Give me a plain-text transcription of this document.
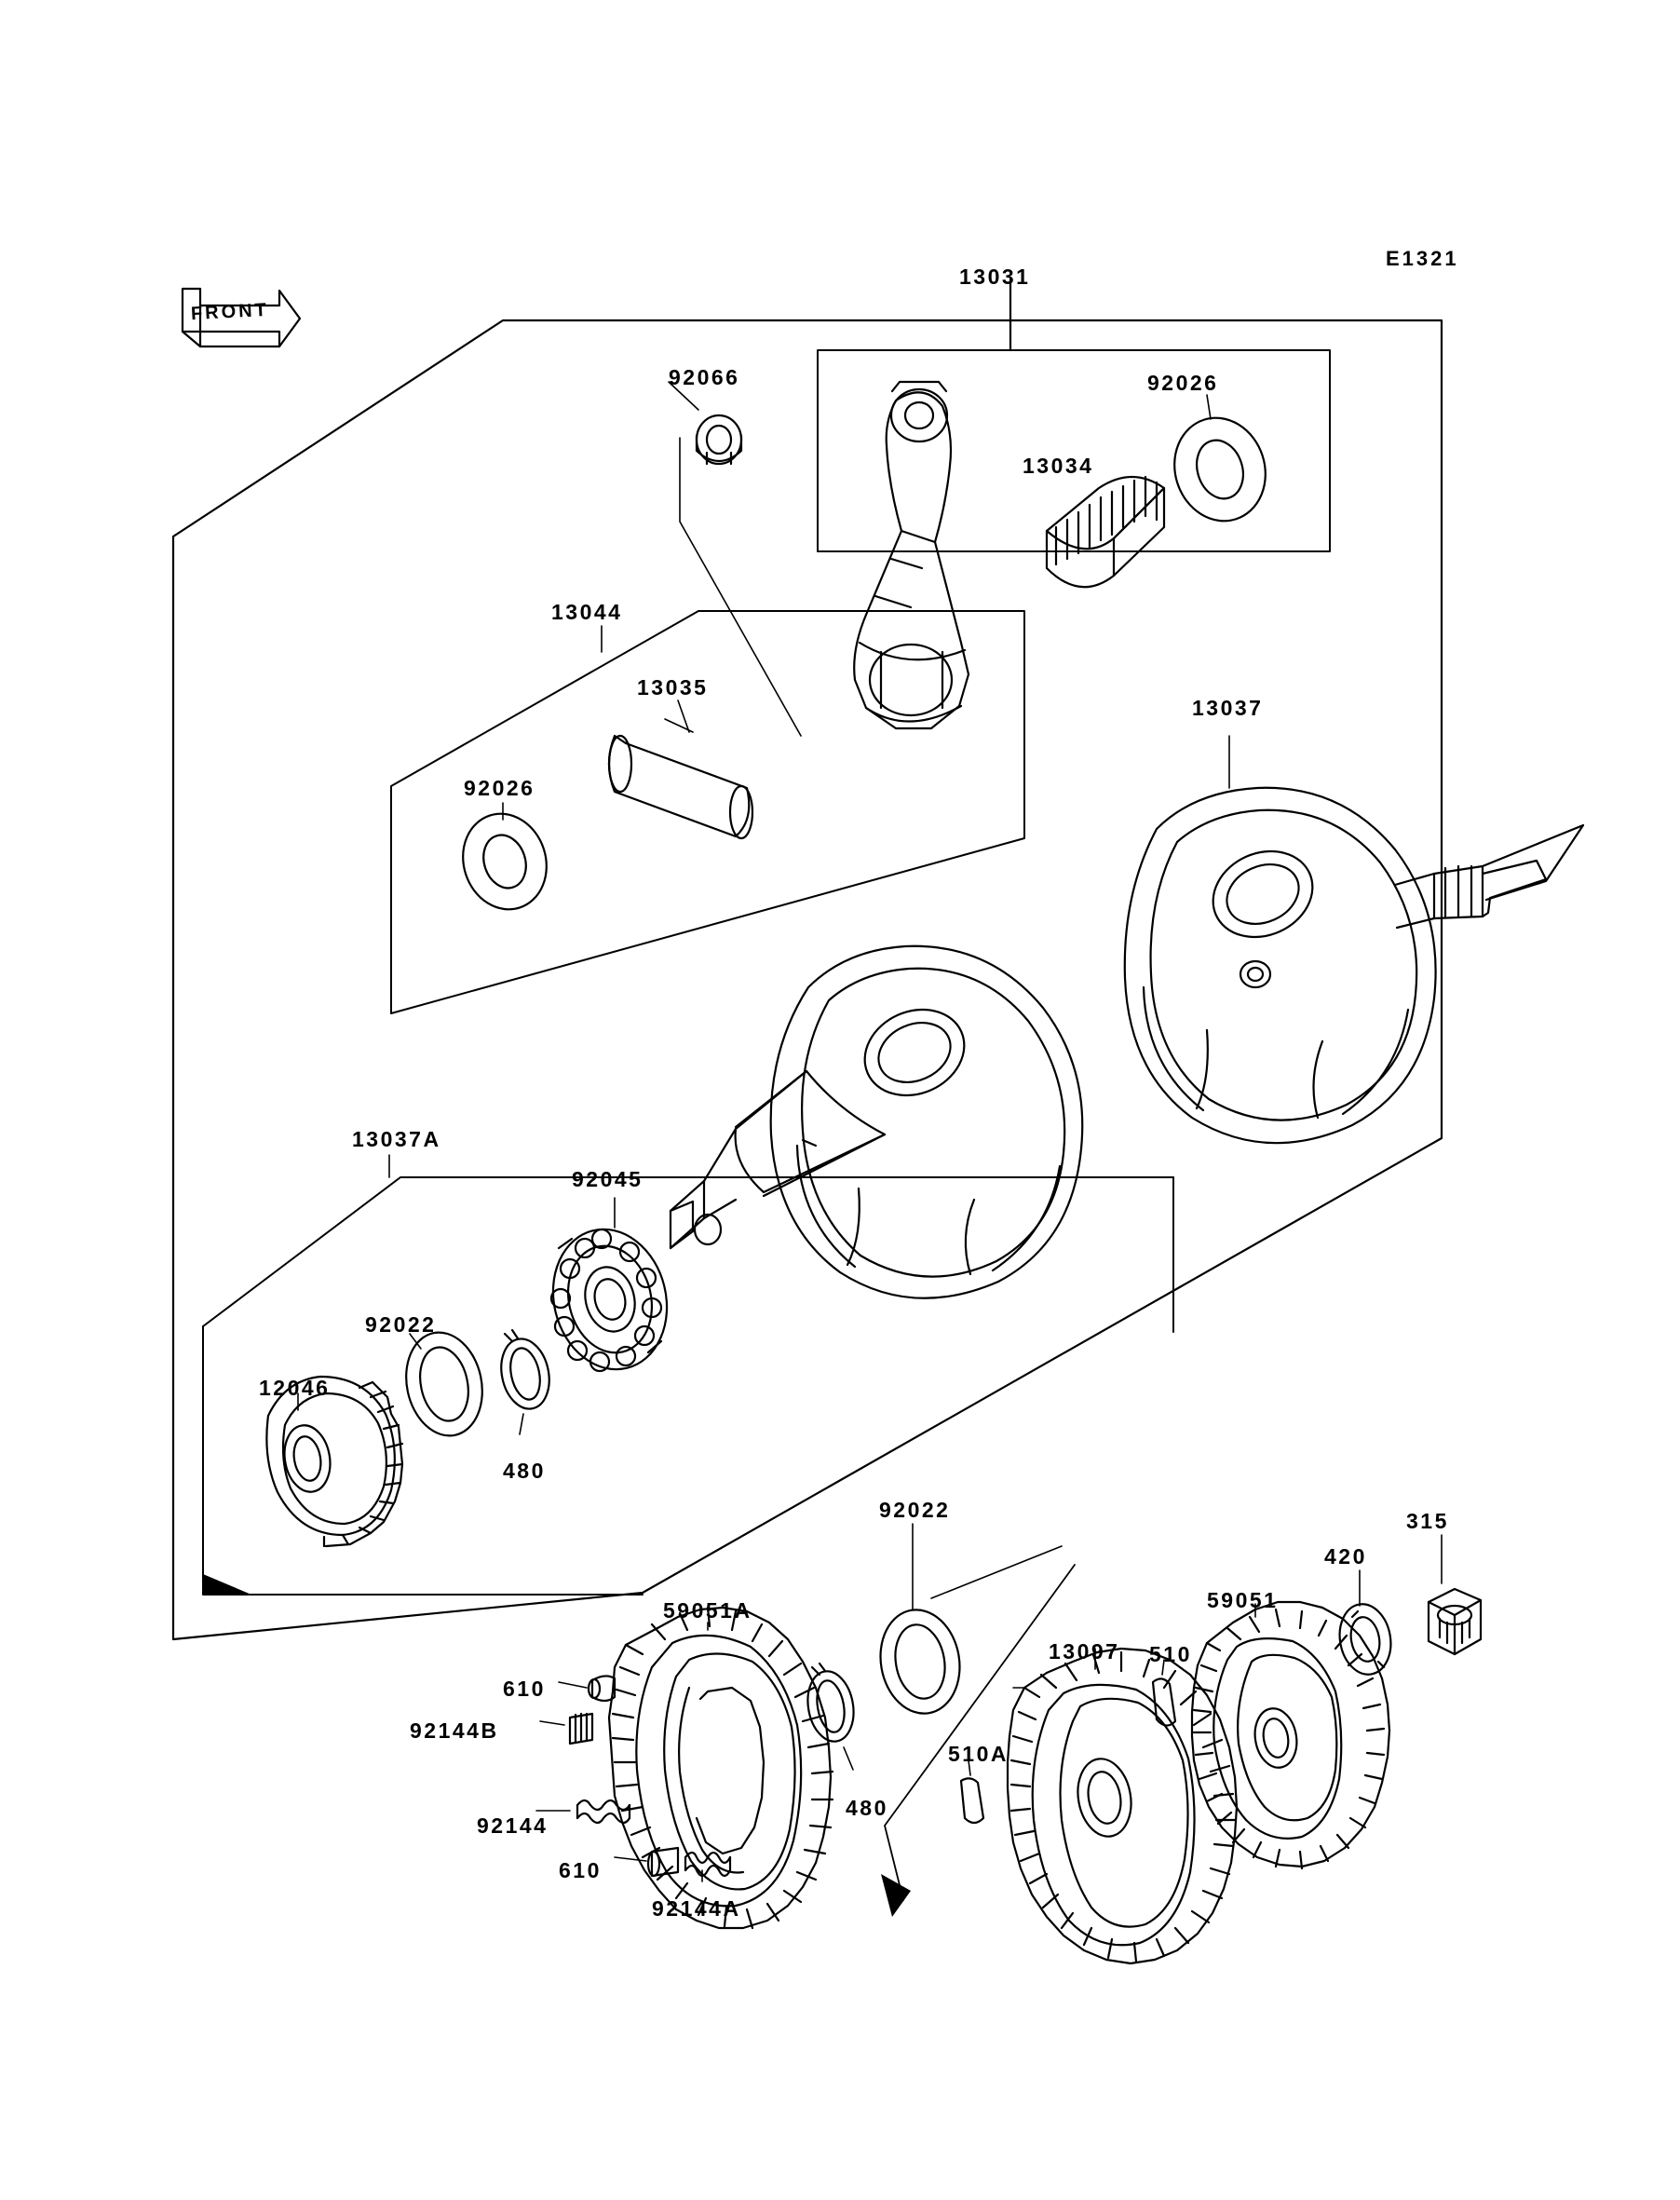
FRONT
E1321
13031
92066	92026
13034
13044
13035
13037
92026
13037A
92045
92022
12046
480
92022	315
420
59051
59051A
13097 510
610
92144B
510A
480
92144
610
92144A
